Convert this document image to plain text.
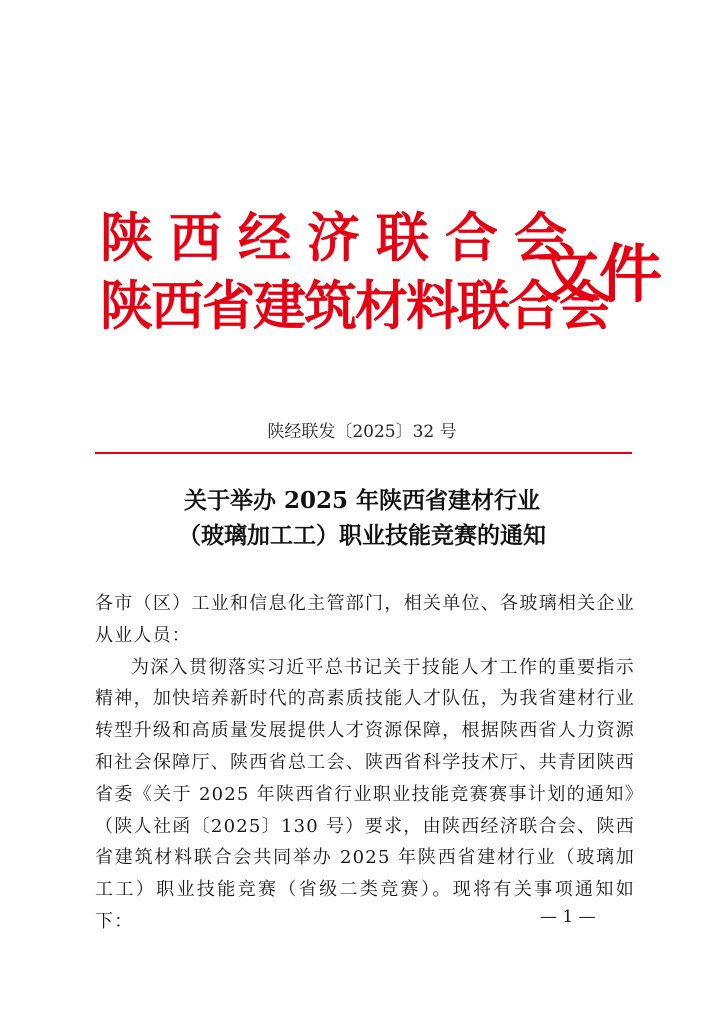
陕西经济联合会
陕西省建筑材料联合会
文件
陕经联发〔2025〕32 号
关于举办 2025 年陕西省建材行业
（玻璃加工工）职业技能竞赛的通知

各市（区）工业和信息化主管部门，相关单位、各玻璃相关企业从业人员：

为深入贯彻落实习近平总书记关于技能人才工作的重要指示精神，加快培养新时代的高素质技能人才队伍，为我省建材行业转型升级和高质量发展提供人才资源保障，根据陕西省人力资源和社会保障厅、陕西省总工会、陕西省科学技术厅、共青团陕西省委《关于 2025 年陕西省行业职业技能竞赛赛事计划的通知》（陕人社函〔2025〕130 号）要求，由陕西经济联合会、陕西省建筑材料联合会共同举办 2025 年陕西省建材行业（玻璃加工工）职业技能竞赛（省级二类竞赛）。现将有关事项通知如下：	— 1 —
